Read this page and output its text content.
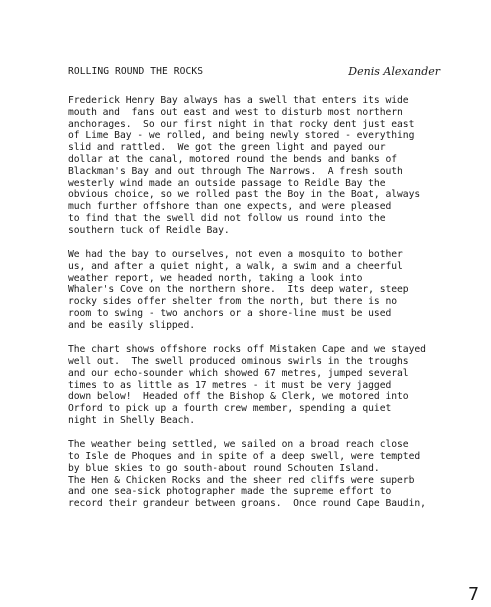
ROLLING ROUND THE ROCKS	Denis Alexander
Frederick Henry Bay always has a swell that enters its wide
mouth and  fans out east and west to disturb most northern
anchorages.  So our first night in that rocky dent just east
of Lime Bay - we rolled, and being newly stored - everything
slid and rattled.  We got the green light and payed our
dollar at the canal, motored round the bends and banks of
Blackman's Bay and out through The Narrows.  A fresh south
westerly wind made an outside passage to Reidle Bay the
obvious choice, so we rolled past the Boy in the Boat, always
much further offshore than one expects, and were pleased
to find that the swell did not follow us round into the
southern tuck of Reidle Bay.
We had the bay to ourselves, not even a mosquito to bother
us, and after a quiet night, a walk, a swim and a cheerful
weather report, we headed north, taking a look into
Whaler's Cove on the northern shore.  Its deep water, steep
rocky sides offer shelter from the north, but there is no
room to swing - two anchors or a shore-line must be used
and be easily slipped.
The chart shows offshore rocks off Mistaken Cape and we stayed
well out.  The swell produced ominous swirls in the troughs
and our echo-sounder which showed 67 metres, jumped several
times to as little as 17 metres - it must be very jagged
down below!  Headed off the Bishop & Clerk, we motored into
Orford to pick up a fourth crew member, spending a quiet
night in Shelly Beach.
The weather being settled, we sailed on a broad reach close
to Isle de Phoques and in spite of a deep swell, were tempted
by blue skies to go south-about round Schouten Island.
The Hen & Chicken Rocks and the sheer red cliffs were superb
and one sea-sick photographer made the supreme effort to
record their grandeur between groans.  Once round Cape Baudin,
7
